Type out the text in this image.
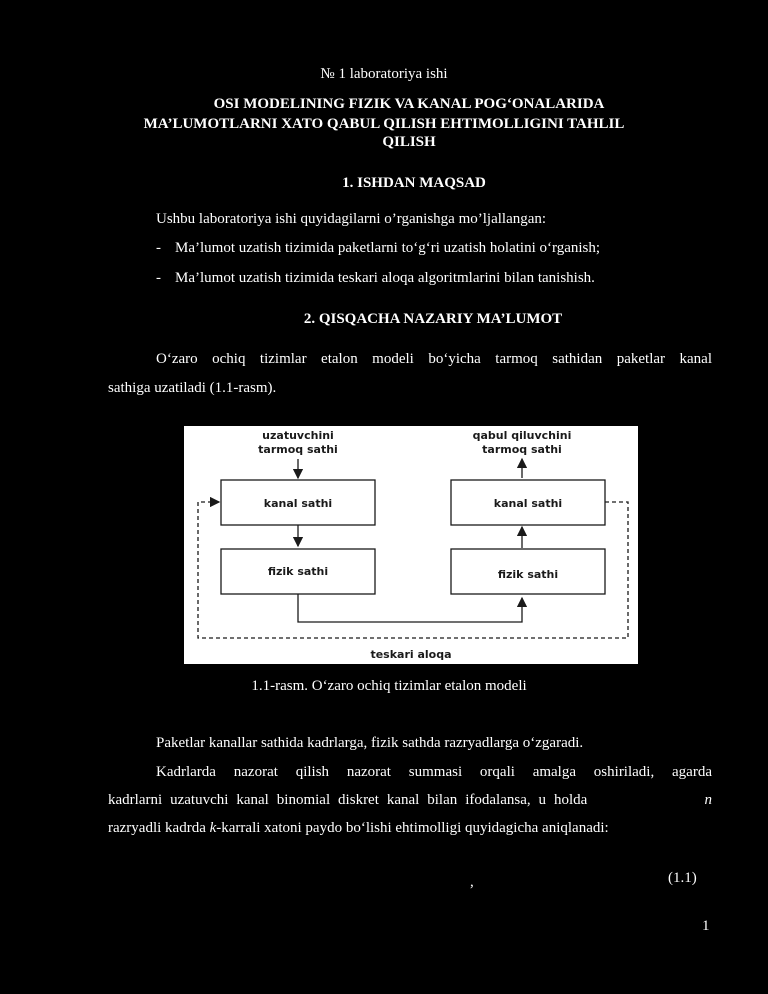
№ 1 laboratoriya ishi
OSI MODELINING FIZIK VA KANAL POG‘ONALARIDA
MA’LUMOTLARNI XATO QABUL QILISH EHTIMOLLIGINI TAHLIL
QILISH
1. ISHDAN MAQSAD
Ushbu laboratoriya ishi quyidagilarni o’rganishga mo’ljallangan:
- Ma’lumot uzatish tizimida paketlarni to‘g‘ri uzatish holatini o‘rganish;
- Ma’lumot uzatish tizimida teskari aloqa algoritmlarini bilan tanishish.
2. QISQACHA NAZARIY MA’LUMOT
O‘zaro ochiq tizimlar etalon modeli bo‘yicha tarmoq sathidan paketlar kanal
sathiga uzatiladi (1.1-rasm).
uzatuvchini
tarmoq sathi
qabul qiluvchini
tarmoq sathi
kanal sathi	kanal sathi
fizik sathi	fizik sathi
teskari aloqa
1.1-rasm. O‘zaro ochiq tizimlar etalon modeli
Paketlar kanallar sathida kadrlarga, fizik sathda razryadlarga o‘zgaradi.
Kadrlarda nazorat qilish nazorat summasi orqali amalga oshiriladi, agarda
kadrlarni uzatuvchi kanal binomial diskret kanal bilan ifodalansa, u holda	n
razryadli kadrda k-karrali xatoni paydo bo‘lishi ehtimolligi quyidagicha aniqlanadi:
,	(1.1)
1
